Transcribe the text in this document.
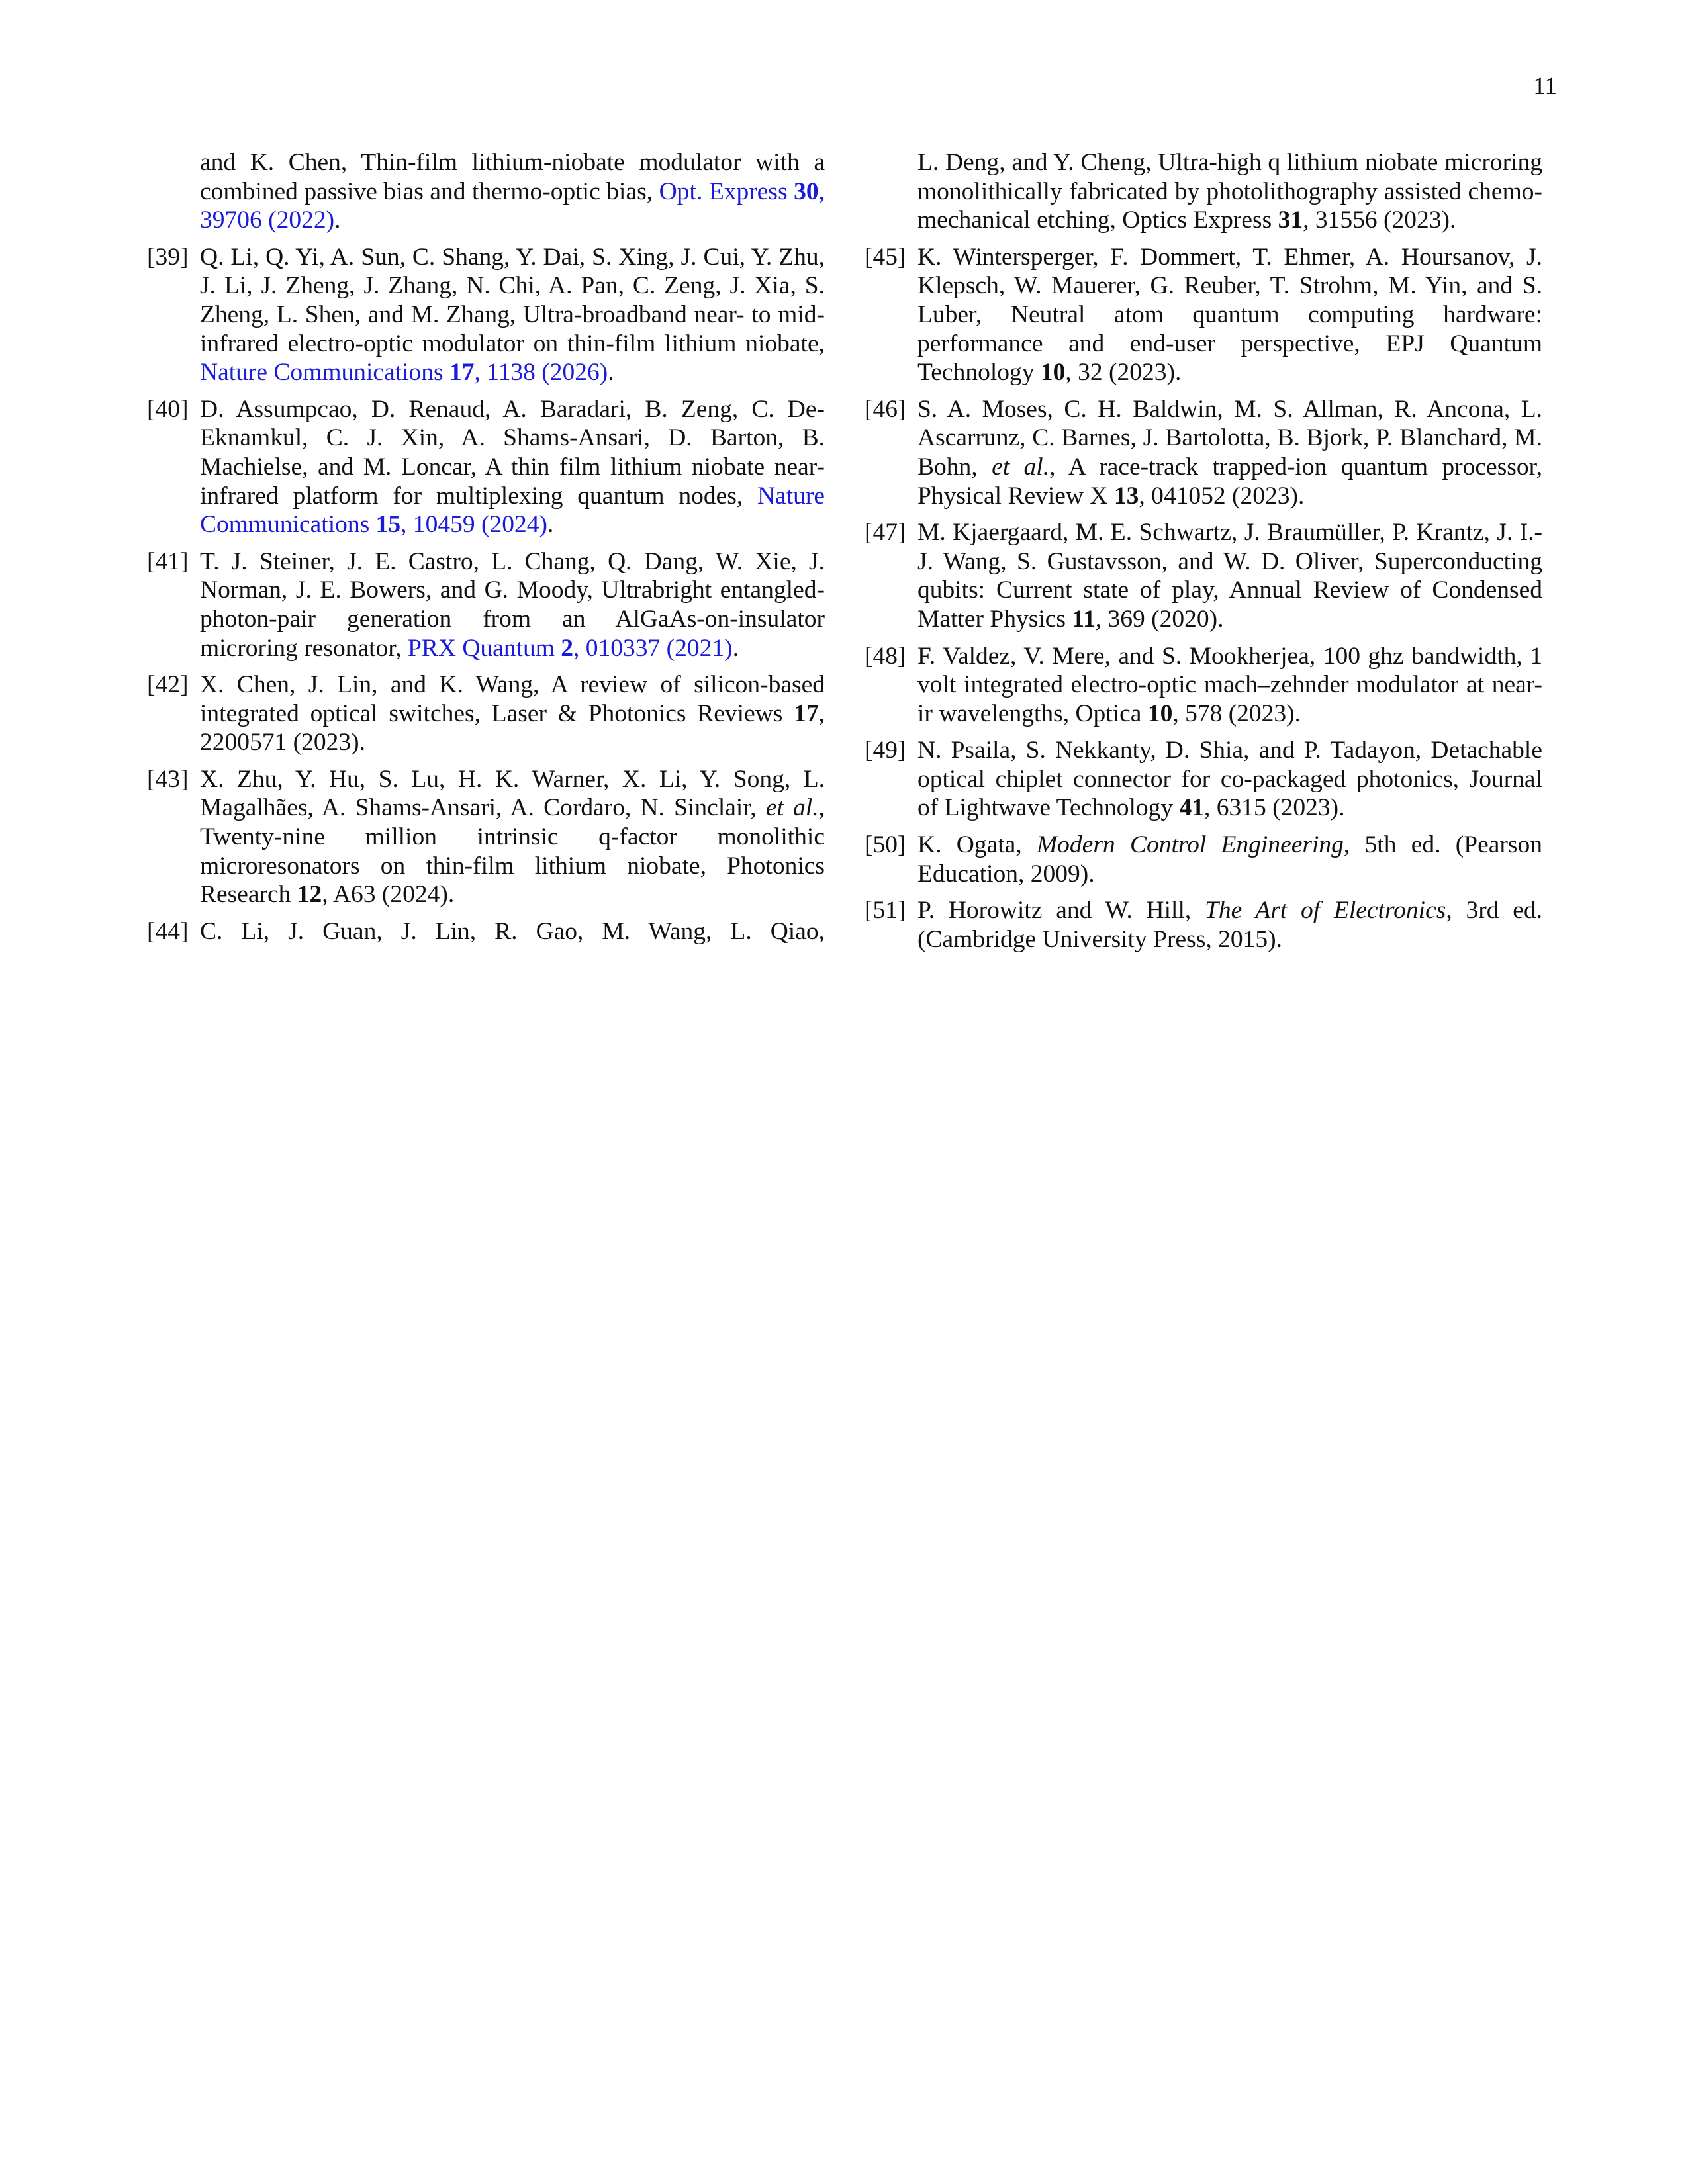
11
and K. Chen, Thin-film lithium-niobate modulator with a combined passive bias and thermo-optic bias, Opt. Express 30, 39706 (2022).
[39] Q. Li, Q. Yi, A. Sun, C. Shang, Y. Dai, S. Xing, J. Cui, Y. Zhu, J. Li, J. Zheng, J. Zhang, N. Chi, A. Pan, C. Zeng, J. Xia, S. Zheng, L. Shen, and M. Zhang, Ultra-broadband near- to mid-infrared electro-optic modulator on thin-film lithium niobate, Nature Communications 17, 1138 (2026).
[40] D. Assumpcao, D. Renaud, A. Baradari, B. Zeng, C. De-Eknamkul, C. J. Xin, A. Shams-Ansari, D. Barton, B. Machielse, and M. Loncar, A thin film lithium niobate near-infrared platform for multiplexing quantum nodes, Nature Communications 15, 10459 (2024).
[41] T. J. Steiner, J. E. Castro, L. Chang, Q. Dang, W. Xie, J. Norman, J. E. Bowers, and G. Moody, Ultrabright entangled-photon-pair generation from an AlGaAs-on-insulator microring resonator, PRX Quantum 2, 010337 (2021).
[42] X. Chen, J. Lin, and K. Wang, A review of silicon-based integrated optical switches, Laser & Photonics Reviews 17, 2200571 (2023).
[43] X. Zhu, Y. Hu, S. Lu, H. K. Warner, X. Li, Y. Song, L. Magalhães, A. Shams-Ansari, A. Cordaro, N. Sinclair, et al., Twenty-nine million intrinsic q-factor monolithic microresonators on thin-film lithium niobate, Photonics Research 12, A63 (2024).
[44] C. Li, J. Guan, J. Lin, R. Gao, M. Wang, L. Qiao,
L. Deng, and Y. Cheng, Ultra-high q lithium niobate microring monolithically fabricated by photolithography assisted chemo-mechanical etching, Optics Express 31, 31556 (2023).
[45] K. Wintersperger, F. Dommert, T. Ehmer, A. Hoursanov, J. Klepsch, W. Mauerer, G. Reuber, T. Strohm, M. Yin, and S. Luber, Neutral atom quantum computing hardware: performance and end-user perspective, EPJ Quantum Technology 10, 32 (2023).
[46] S. A. Moses, C. H. Baldwin, M. S. Allman, R. Ancona, L. Ascarrunz, C. Barnes, J. Bartolotta, B. Bjork, P. Blanchard, M. Bohn, et al., A race-track trapped-ion quantum processor, Physical Review X 13, 041052 (2023).
[47] M. Kjaergaard, M. E. Schwartz, J. Braumüller, P. Krantz, J. I.-J. Wang, S. Gustavsson, and W. D. Oliver, Superconducting qubits: Current state of play, Annual Review of Condensed Matter Physics 11, 369 (2020).
[48] F. Valdez, V. Mere, and S. Mookherjea, 100 ghz bandwidth, 1 volt integrated electro-optic mach–zehnder modulator at near-ir wavelengths, Optica 10, 578 (2023).
[49] N. Psaila, S. Nekkanty, D. Shia, and P. Tadayon, Detachable optical chiplet connector for co-packaged photonics, Journal of Lightwave Technology 41, 6315 (2023).
[50] K. Ogata, Modern Control Engineering, 5th ed. (Pearson Education, 2009).
[51] P. Horowitz and W. Hill, The Art of Electronics, 3rd ed. (Cambridge University Press, 2015).
